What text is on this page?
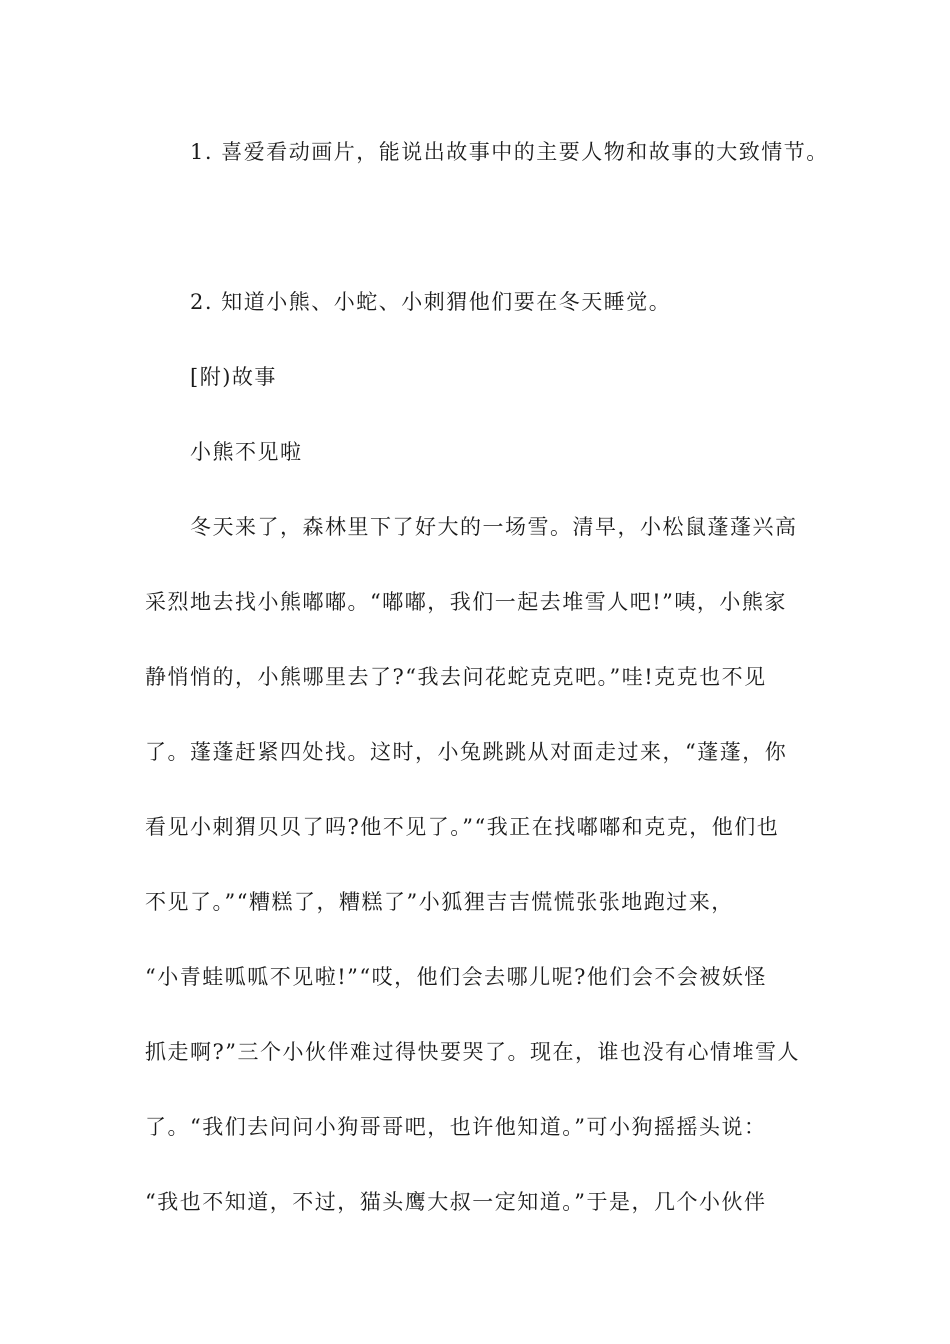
1. 喜爱看动画片，能说出故事中的主要人物和故事的大致情节。
2. 知道小熊、小蛇、小刺猬他们要在冬天睡觉。
[附)故事
小熊不见啦
冬天来了，森林里下了好大的一场雪。清早，小松鼠蓬蓬兴高
采烈地去找小熊嘟嘟。“嘟嘟，我们一起去堆雪人吧!”咦，小熊家
静悄悄的，小熊哪里去了?“我去问花蛇克克吧。”哇!克克也不见
了。蓬蓬赶紧四处找。这时，小兔跳跳从对面走过来，“蓬蓬，你
看见小刺猬贝贝了吗?他不见了。”“我正在找嘟嘟和克克，他们也
不见了。”“糟糕了，糟糕了”小狐狸吉吉慌慌张张地跑过来，
“小青蛙呱呱不见啦!”“哎，他们会去哪儿呢?他们会不会被妖怪
抓走啊?”三个小伙伴难过得快要哭了。现在，谁也没有心情堆雪人
了。“我们去问问小狗哥哥吧，也许他知道。”可小狗摇摇头说：
“我也不知道，不过，猫头鹰大叔一定知道。”于是，几个小伙伴
